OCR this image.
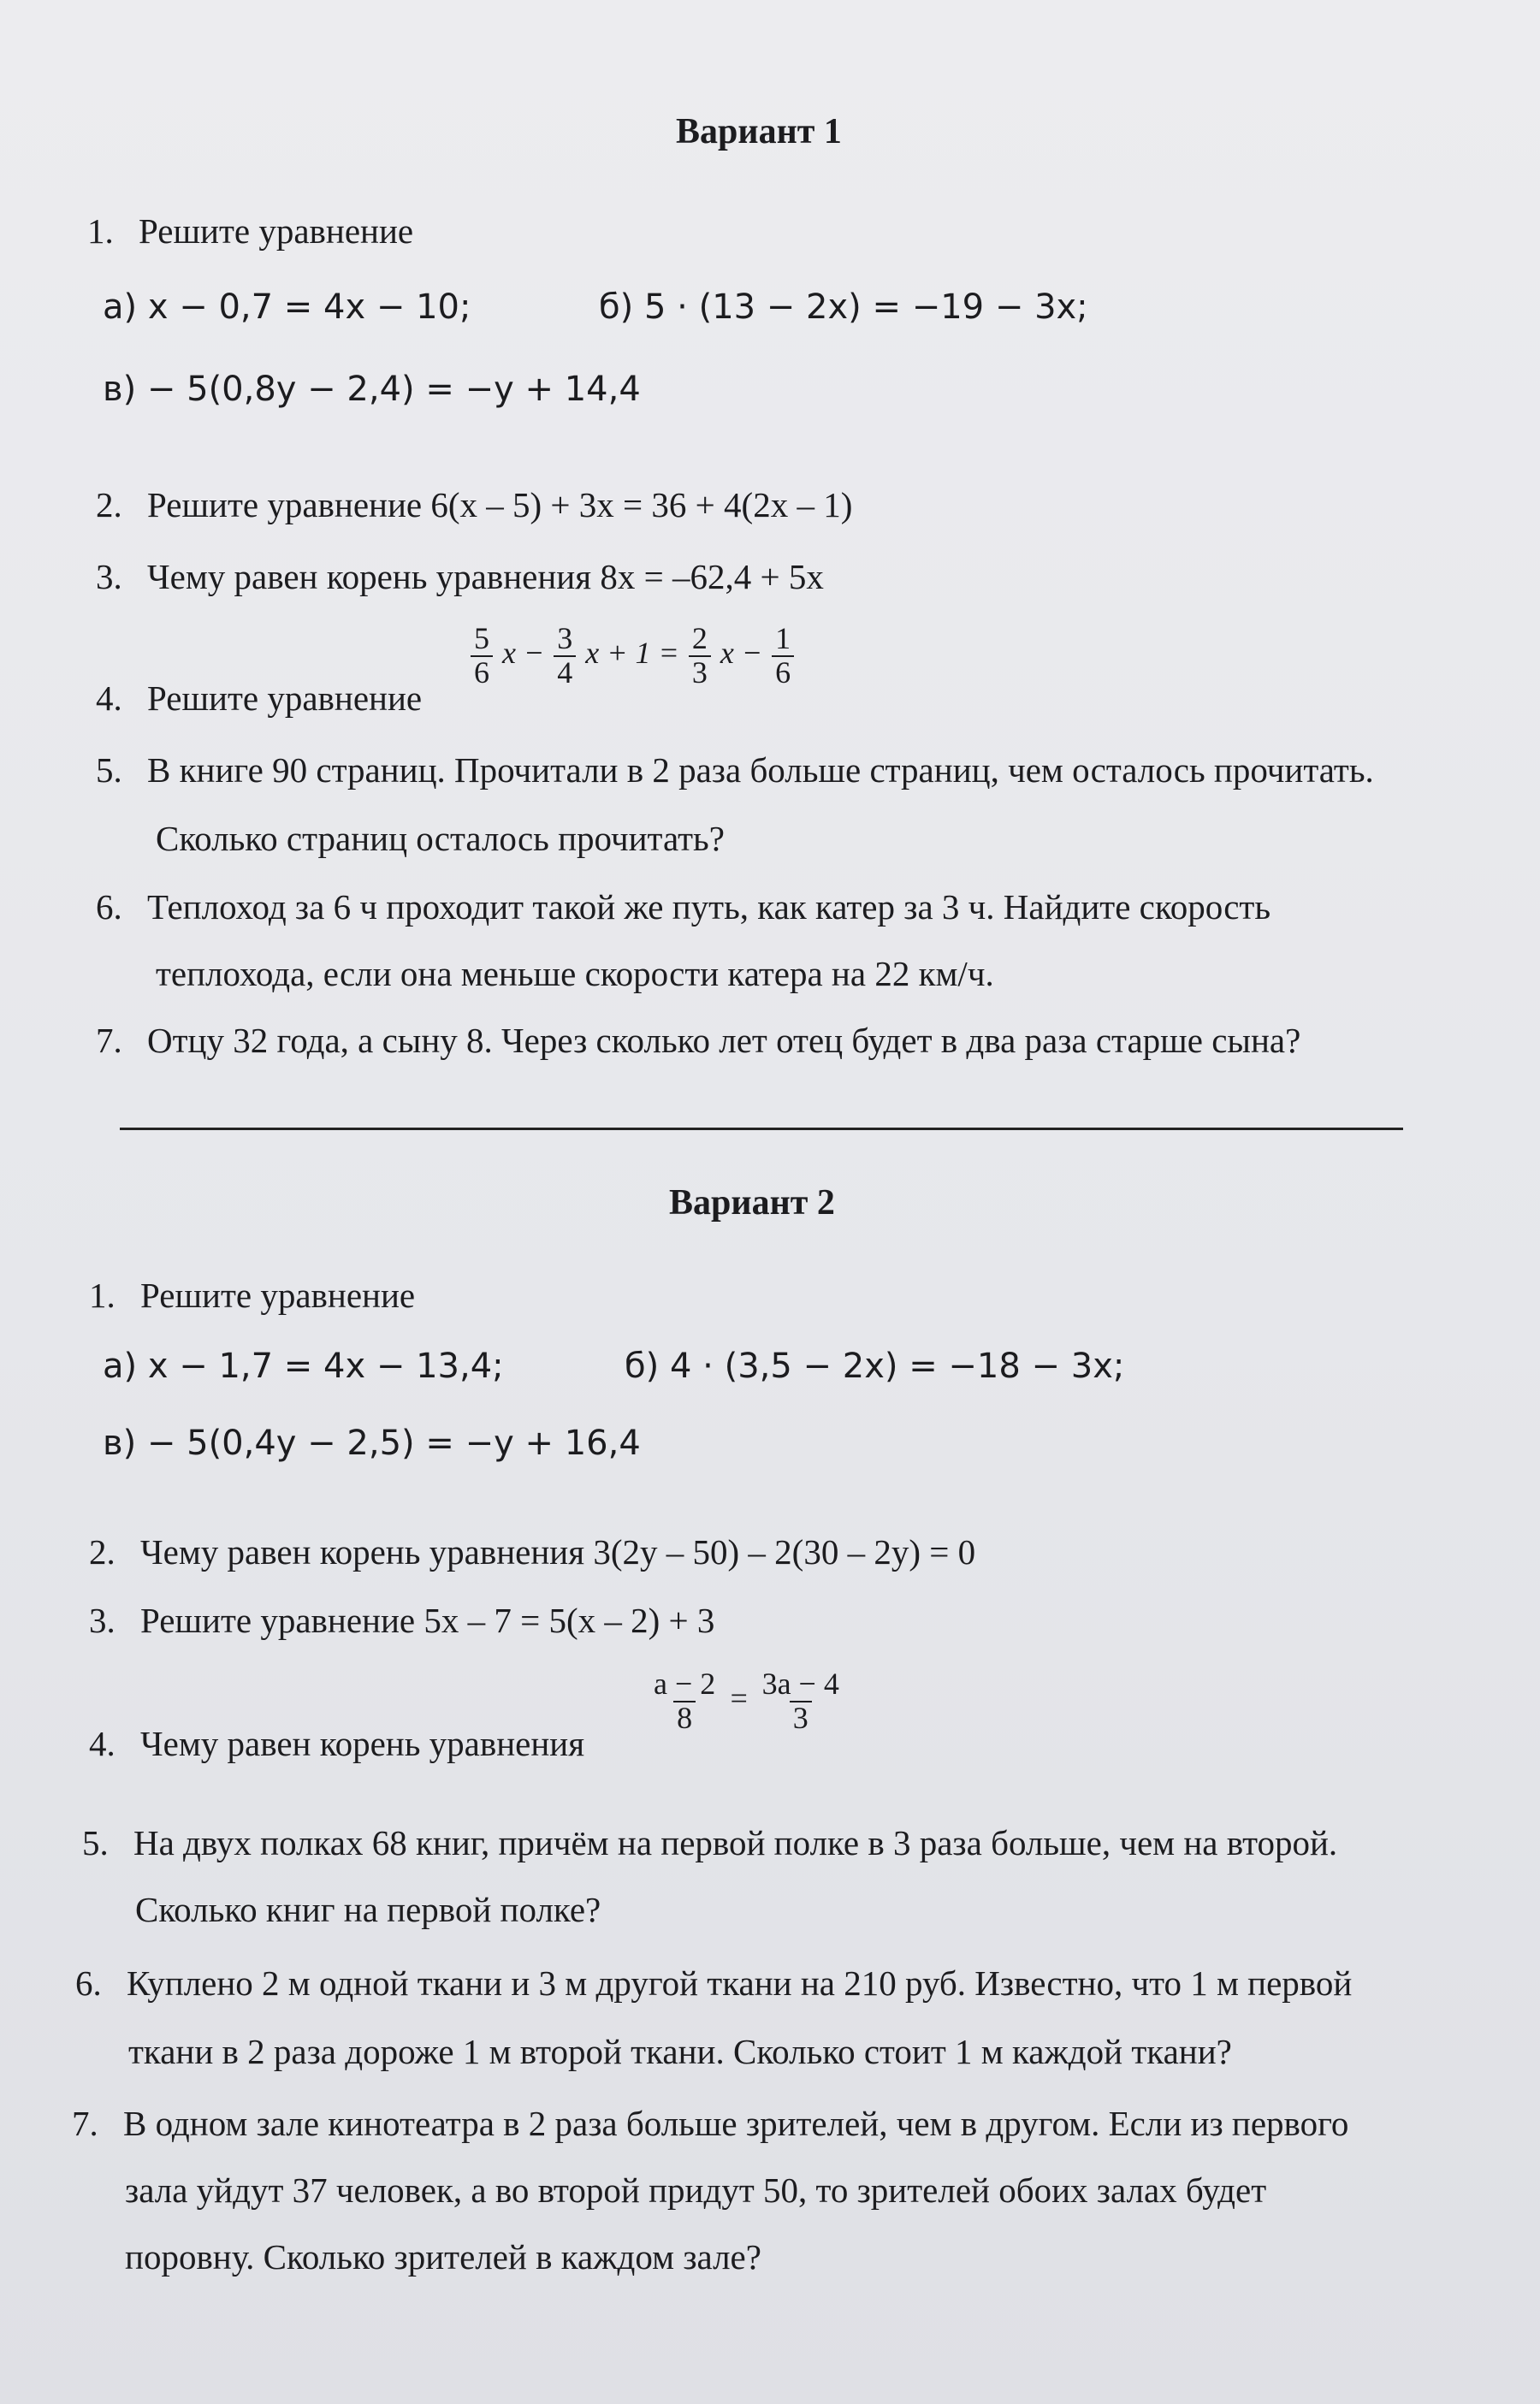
Вариант 1
1. Решите уравнение
а) x − 0,7 = 4x − 10;	б) 5 · (13 − 2x) = −19 − 3x;
в) − 5(0,8y − 2,4) = −y + 14,4
2. Решите уравнение 6(x – 5) + 3x = 36 + 4(2x – 1)
3. Чему равен корень уравнения 8x = –62,4 + 5x
4. Решите уравнение
$\frac{5}{6}$ $x - \frac{3}{4}$ $x + 1 = \frac{2}{3}$ $x - \frac{1}{6}$
5. В книге 90 страниц. Прочитали в 2 раза больше страниц, чем осталось прочитать.
Сколько страниц осталось прочитать?
6. Теплоход за 6 ч проходит такой же путь, как катер за 3 ч. Найдите скорость
теплохода, если она меньше скорости катера на 22 км/ч.
7. Отцу 32 года, а сыну 8. Через сколько лет отец будет в два раза старше сына?
Вариант 2
1. Решите уравнение
а) x − 1,7 = 4x − 13,4;	б) 4 · (3,5 − 2x) = −18 − 3x;
в) − 5(0,4y − 2,5) = −y + 16,4
2. Чему равен корень уравнения 3(2y – 50) – 2(30 – 2y) = 0
3. Решите уравнение 5x – 7 = 5(x – 2) + 3
4. Чему равен корень уравнения
$\frac{a - 2}{8} = \frac{3a - 4}{3}$
5. На двух полках 68 книг, причём на первой полке в 3 раза больше, чем на второй.
Сколько книг на первой полке?
6. Куплено 2 м одной ткани и 3 м другой ткани на 210 руб. Известно, что 1 м первой
ткани в 2 раза дороже 1 м второй ткани. Сколько стоит 1 м каждой ткани?
7. В одном зале кинотеатра в 2 раза больше зрителей, чем в другом. Если из первого
зала уйдут 37 человек, а во второй придут 50, то зрителей обоих залах будет
поровну. Сколько зрителей в каждом зале?
